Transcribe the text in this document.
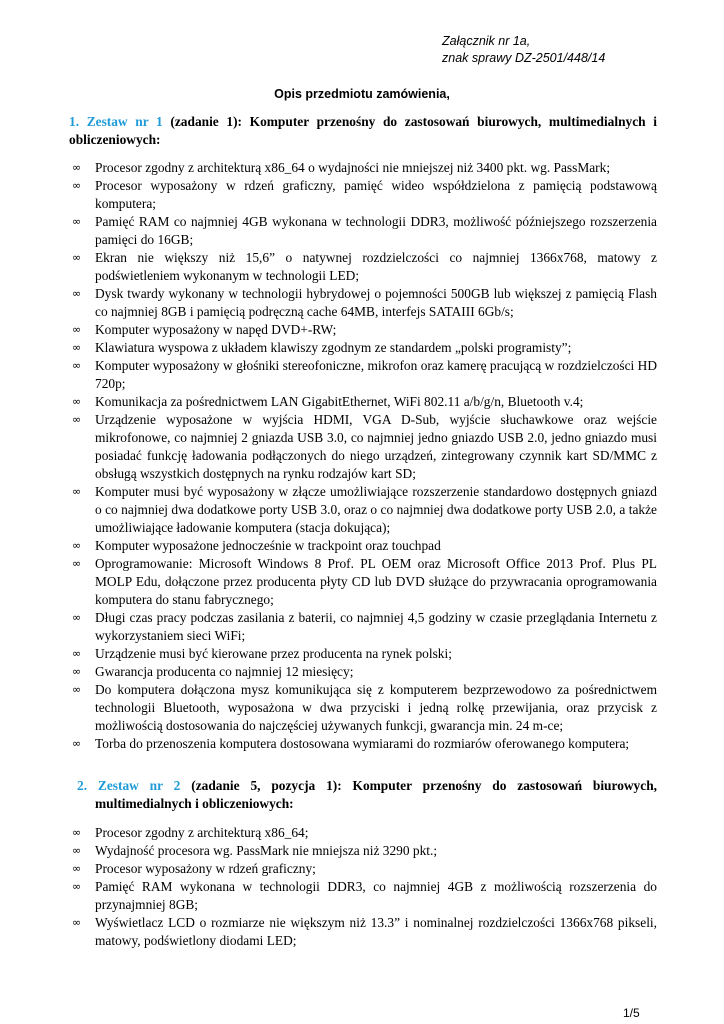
Załącznik nr 1a,
znak sprawy DZ-2501/448/14
Opis przedmiotu zamówienia,
1. Zestaw nr 1 (zadanie 1): Komputer przenośny do zastosowań biurowych, multimedialnych i obliczeniowych:
∞	Procesor zgodny z architekturą x86_64 o wydajności nie mniejszej niż 3400 pkt. wg. PassMark;
∞	Procesor wyposażony w rdzeń graficzny, pamięć wideo współdzielona z pamięcią podstawową komputera;
∞	Pamięć RAM co najmniej 4GB wykonana w technologii DDR3, możliwość późniejszego rozszerzenia pamięci do 16GB;
∞	Ekran nie większy niż 15,6” o natywnej rozdzielczości co najmniej 1366x768, matowy z podświetleniem wykonanym w technologii LED;
∞	Dysk twardy wykonany w technologii hybrydowej o pojemności 500GB lub większej z pamięcią Flash co najmniej 8GB i pamięcią podręczną cache 64MB, interfejs SATAIII 6Gb/s;
∞	Komputer wyposażony w napęd DVD+-RW;
∞	Klawiatura wyspowa z układem klawiszy zgodnym ze standardem „polski programisty”;
∞	Komputer wyposażony w głośniki stereofoniczne, mikrofon oraz kamerę pracującą w rozdzielczości HD 720p;
∞	Komunikacja za pośrednictwem LAN GigabitEthernet, WiFi 802.11 a/b/g/n, Bluetooth v.4;
∞	Urządzenie wyposażone w wyjścia HDMI, VGA D-Sub, wyjście słuchawkowe oraz wejście mikrofonowe, co najmniej 2 gniazda USB 3.0, co najmniej jedno gniazdo USB 2.0, jedno gniazdo musi posiadać funkcję ładowania podłączonych do niego urządzeń, zintegrowany czynnik kart SD/MMC z obsługą wszystkich dostępnych na rynku rodzajów kart SD;
∞	Komputer musi być wyposażony w złącze umożliwiające rozszerzenie standardowo dostępnych gniazd o co najmniej dwa dodatkowe porty USB 3.0, oraz o co najmniej dwa dodatkowe porty USB 2.0, a także umożliwiające ładowanie komputera (stacja dokująca);
∞	Komputer wyposażone jednocześnie w trackpoint oraz touchpad
∞	Oprogramowanie: Microsoft Windows 8 Prof. PL OEM oraz Microsoft Office 2013 Prof. Plus PL MOLP Edu, dołączone przez producenta płyty CD lub DVD służące do przywracania oprogramowania komputera do stanu fabrycznego;
∞	Długi czas pracy podczas zasilania z baterii, co najmniej 4,5 godziny w czasie przeglądania Internetu z wykorzystaniem sieci WiFi;
∞	Urządzenie musi być kierowane przez producenta na rynek polski;
∞	Gwarancja producenta co najmniej 12 miesięcy;
∞	Do komputera dołączona mysz komunikująca się z komputerem bezprzewodowo za pośrednictwem technologii Bluetooth, wyposażona w dwa przyciski i jedną rolkę przewijania, oraz przycisk z możliwością dostosowania do najczęściej używanych funkcji, gwarancja min. 24 m-ce;
∞	Torba do przenoszenia komputera dostosowana wymiarami do rozmiarów oferowanego komputera;
2. Zestaw nr 2 (zadanie 5, pozycja 1): Komputer przenośny do zastosowań biurowych, multimedialnych i obliczeniowych:
∞	Procesor zgodny z architekturą x86_64;
∞	Wydajność procesora wg. PassMark nie mniejsza niż 3290 pkt.;
∞	Procesor wyposażony w rdzeń graficzny;
∞	Pamięć RAM wykonana w technologii DDR3, co najmniej 4GB z możliwością rozszerzenia do przynajmniej 8GB;
∞	Wyświetlacz LCD o rozmiarze nie większym niż 13.3” i nominalnej rozdzielczości 1366x768 pikseli, matowy, podświetlony diodami LED;
1/5
